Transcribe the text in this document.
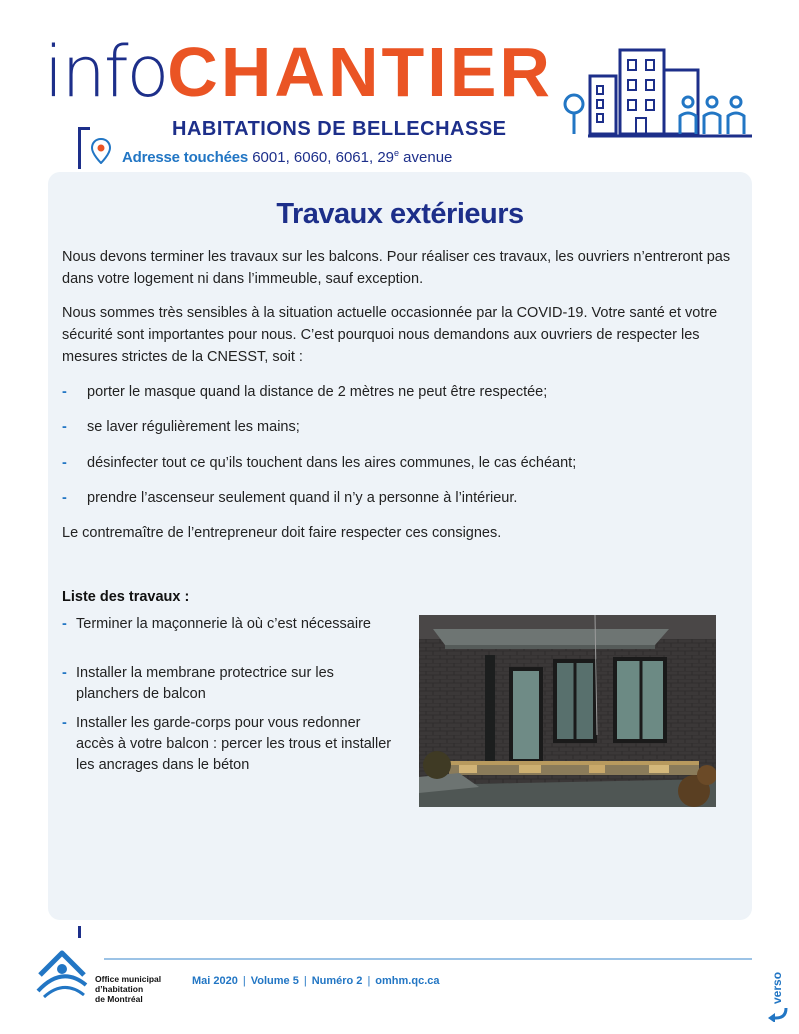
infoCHANTIER
HABITATIONS DE BELLECHASSE
Adresse touchées 6001, 6060, 6061, 29e avenue
Travaux extérieurs

Nous devons terminer les travaux sur les balcons. Pour réaliser ces travaux, les ouvriers n’entreront pas dans votre logement ni dans l’immeuble, sauf exception.

Nous sommes très sensibles à la situation actuelle occasionnée par la COVID-19. Votre santé et votre sécurité sont importantes pour nous. C’est pourquoi nous demandons aux ouvriers de respecter les mesures strictes de la CNESST, soit :

- porter le masque quand la distance de 2 mètres ne peut être respectée;
- se laver régulièrement les mains;
- désinfecter tout ce qu’ils touchent dans les aires communes, le cas échéant;
- prendre l’ascenseur seulement quand il n’y a personne à l’intérieur.

Le contremaître de l’entrepreneur doit faire respecter ces consignes.

Liste des travaux :
- Terminer la maçonnerie là où c’est nécessaire
- Installer la membrane protectrice sur les planchers de balcon
- Installer les garde-corps pour vous redonner accès à votre balcon : percer les trous et installer les ancrages dans le béton
Office municipal
d’habitation
de Montréal
Mai 2020 | Volume 5 | Numéro 2 | omhm.qc.ca	verso
